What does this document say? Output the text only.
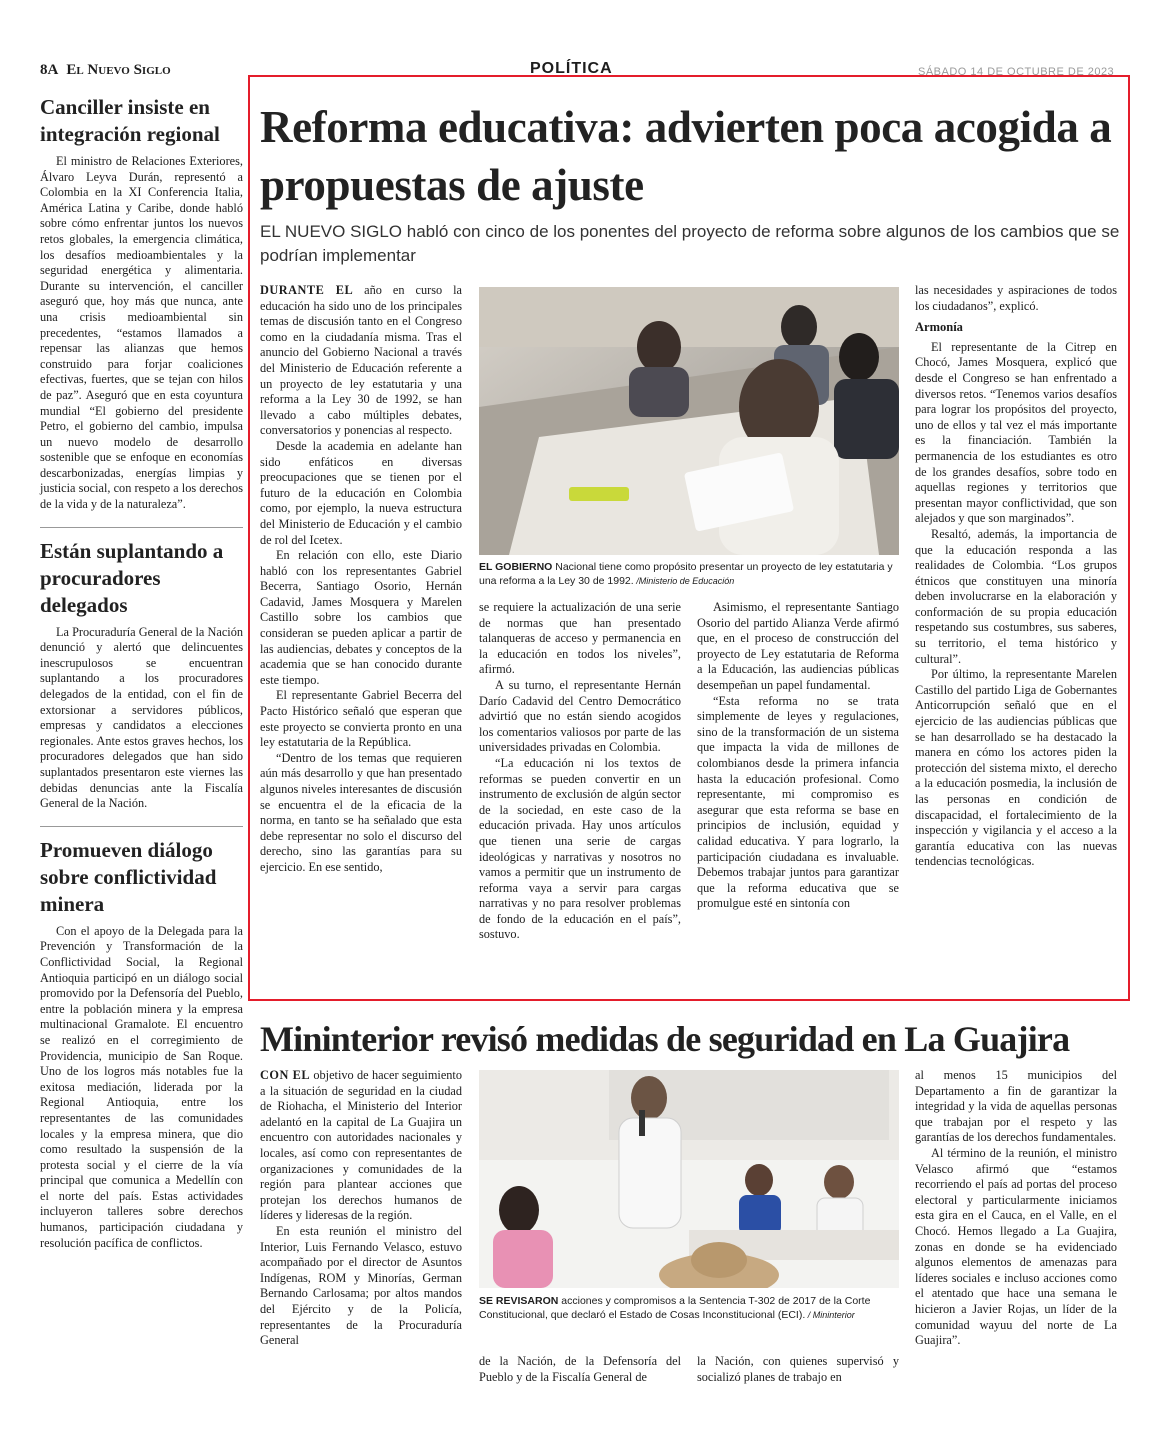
8A El Nuevo Siglo	POLÍTICA	SÁBADO 14 DE OCTUBRE DE 2023
Canciller insiste en integración regional

El ministro de Relaciones Exteriores, Álvaro Leyva Durán, representó a Colombia en la XI Conferencia Italia, América Latina y Caribe, donde habló sobre cómo enfrentar juntos los nuevos retos globales, la emergencia climática, los desafíos medioambientales y la seguridad energética y alimentaria. Durante su intervención, el canciller aseguró que, hoy más que nunca, ante una crisis medioambiental sin precedentes, “estamos llamados a repensar las alianzas que hemos construido para forjar coaliciones efectivas, fuertes, que se tejan con hilos de paz”. Aseguró que en esta coyuntura mundial “El gobierno del presidente Petro, el gobierno del cambio, impulsa un nuevo modelo de desarrollo sostenible que se enfoque en economías descarbonizadas, energías limpias y justicia social, con respeto a los derechos de la vida y de la naturaleza”.

Están suplantando a procuradores delegados

La Procuraduría General de la Nación denunció y alertó que delincuentes inescrupulosos se encuentran suplantando a los procuradores delegados de la entidad, con el fin de extorsionar a servidores públicos, empresas y candidatos a elecciones regionales. Ante estos graves hechos, los procuradores delegados que han sido suplantados presentaron este viernes las debidas denuncias ante la Fiscalía General de la Nación.

Promueven diálogo sobre conflictividad minera

Con el apoyo de la Delegada para la Prevención y Transformación de la Conflictividad Social, la Regional Antioquia participó en un diálogo social promovido por la Defensoría del Pueblo, entre la población minera y la empresa multinacional Gramalote. El encuentro se realizó en el corregimiento de Providencia, municipio de San Roque. Uno de los logros más notables fue la exitosa mediación, liderada por la Regional Antioquia, entre los representantes de las comunidades locales y la empresa minera, que dio como resultado la suspensión de la protesta social y el cierre de la vía principal que comunica a Medellín con el norte del país. Estas actividades incluyeron talleres sobre derechos humanos, participación ciudadana y resolución pacífica de conflictos.

Reforma educativa: advierten poca acogida a propuestas de ajuste
EL NUEVO SIGLO habló con cinco de los ponentes del proyecto de reforma sobre algunos de los cambios que se podrían implementar

DURANTE EL año en curso la educación ha sido uno de los principales temas de discusión tanto en el Congreso como en la ciudadanía misma. Tras el anuncio del Gobierno Nacional a través del Ministerio de Educación referente a un proyecto de ley estatutaria y una reforma a la Ley 30 de 1992, se han llevado a cabo múltiples debates, conversatorios y ponencias al respecto.

Desde la academia en adelante han sido enfáticos en diversas preocupaciones que se tienen por el futuro de la educación en Colombia como, por ejemplo, la nueva estructura del Ministerio de Educación y el cambio de rol del Icetex.

En relación con ello, este Diario habló con los representantes Gabriel Becerra, Santiago Osorio, Hernán Cadavid, James Mosquera y Marelen Castillo sobre los cambios que consideran se pueden aplicar a partir de las audiencias, debates y conceptos de la academia que se han conocido durante este tiempo.

El representante Gabriel Becerra del Pacto Histórico señaló que esperan que este proyecto se convierta pronto en una ley estatutaria de la República.

“Dentro de los temas que requieren aún más desarrollo y que han presentado algunos niveles interesantes de discusión se encuentra el de la eficacia de la norma, en tanto se ha señalado que esta debe representar no solo el discurso del derecho, sino las garantías para su ejercicio. En ese sentido,

EL GOBIERNO Nacional tiene como propósito presentar un proyecto de ley estatutaria y una reforma a la Ley 30 de 1992. /Ministerio de Educación

se requiere la actualización de una serie de normas que han presentado talanqueras de acceso y permanencia en la educación en todos los niveles”, afirmó.

A su turno, el representante Hernán Darío Cadavid del Centro Democrático advirtió que no están siendo acogidos los comentarios valiosos por parte de las universidades privadas en Colombia.

“La educación ni los textos de reformas se pueden convertir en un instrumento de exclusión de algún sector de la sociedad, en este caso de la educación privada. Hay unos artículos que tienen una serie de cargas ideológicas y narrativas y nosotros no vamos a permitir que un instrumento de reforma vaya a servir para cargas narrativas y no para resolver problemas de fondo de la educación en el país”, sostuvo.

Asimismo, el representante Santiago Osorio del partido Alianza Verde afirmó que, en el proceso de construcción del proyecto de Ley estatutaria de Reforma a la Educación, las audiencias públicas desempeñan un papel fundamental.

“Esta reforma no se trata simplemente de leyes y regulaciones, sino de la transformación de un sistema que impacta la vida de millones de colombianos desde la primera infancia hasta la educación profesional. Como representante, mi compromiso es asegurar que esta reforma se base en principios de inclusión, equidad y calidad educativa. Y para lograrlo, la participación ciudadana es invaluable. Debemos trabajar juntos para garantizar que la reforma educativa que se promulgue esté en sintonía con

las necesidades y aspiraciones de todos los ciudadanos”, explicó.

Armonía

El representante de la Citrep en Chocó, James Mosquera, explicó que desde el Congreso se han enfrentado a diversos retos. “Tenemos varios desafíos para lograr los propósitos del proyecto, uno de ellos y tal vez el más importante es la financiación. También la permanencia de los estudiantes es otro de los grandes desafíos, sobre todo en aquellas regiones y territorios que presentan mayor conflictividad, que son alejados y que son marginados”.

Resaltó, además, la importancia de que la educación responda a las realidades de Colombia. “Los grupos étnicos que constituyen una minoría deben involucrarse en la elaboración y conformación de su propia educación respetando sus costumbres, sus saberes, su territorio, el tema histórico y cultural”.

Por último, la representante Marelen Castillo del partido Liga de Gobernantes Anticorrupción señaló que en el ejercicio de las audiencias públicas que se han desarrollado se ha destacado la manera en cómo los actores piden la protección del sistema mixto, el derecho a la educación posmedia, la inclusión de las personas en condición de discapacidad, el fortalecimiento de la inspección y vigilancia y el acceso a la garantía educativa con las nuevas tendencias tecnológicas.

Mininterior revisó medidas de seguridad en La Guajira

CON EL objetivo de hacer seguimiento a la situación de seguridad en la ciudad de Riohacha, el Ministerio del Interior adelantó en la capital de La Guajira un encuentro con autoridades nacionales y locales, así como con representantes de organizaciones y comunidades de la región para plantear acciones que protejan los derechos humanos de líderes y lideresas de la región.

En esta reunión el ministro del Interior, Luis Fernando Velasco, estuvo acompañado por el director de Asuntos Indígenas, ROM y Minorías, German Bernando Carlosama; por altos mandos del Ejército y de la Policía, representantes de la Procuraduría General

SE REVISARON acciones y compromisos a la Sentencia T-302 de 2017 de la Corte Constitucional, que declaró el Estado de Cosas Inconstitucional (ECI). / Mininterior

de la Nación, de la Defensoría del Pueblo y de la Fiscalía General de

la Nación, con quienes supervisó y socializó planes de trabajo en

al menos 15 municipios del Departamento a fin de garantizar la integridad y la vida de aquellas personas que trabajan por el respeto y las garantías de los derechos fundamentales.

Al término de la reunión, el ministro Velasco afirmó que “estamos recorriendo el país ad portas del proceso electoral y particularmente iniciamos esta gira en el Cauca, en el Valle, en el Chocó. Hemos llegado a La Guajira, zonas en donde se ha evidenciado algunos elementos de amenazas para líderes sociales e incluso acciones como el atentado que hace una semana le hicieron a Javier Rojas, un líder de la comunidad wayuu del norte de La Guajira”.
